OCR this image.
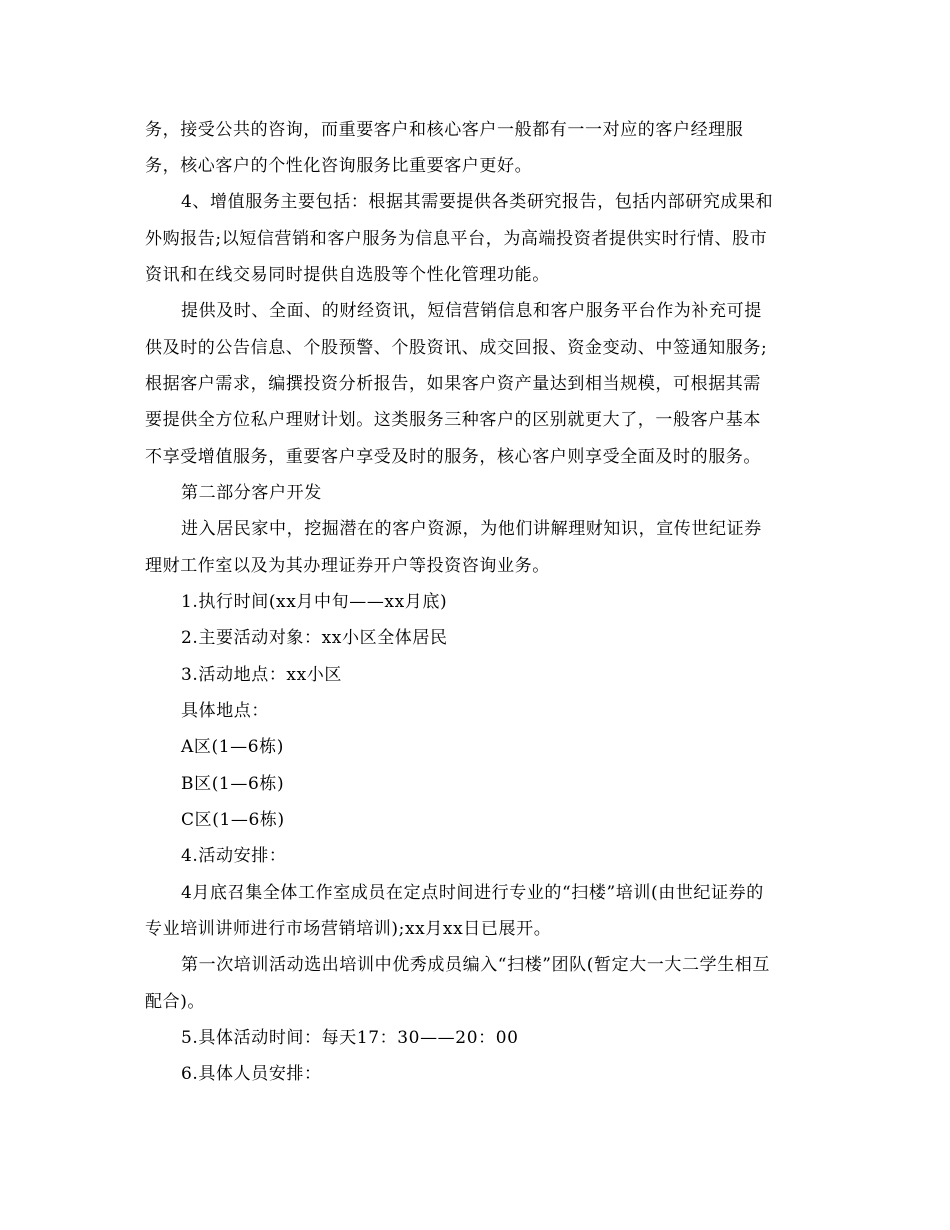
务，接受公共的咨询，而重要客户和核心客户一般都有一一对应的客户经理服
务，核心客户的个性化咨询服务比重要客户更好。
4、增值服务主要包括：根据其需要提供各类研究报告，包括内部研究成果和
外购报告;以短信营销和客户服务为信息平台，为高端投资者提供实时行情、股市
资讯和在线交易同时提供自选股等个性化管理功能。
提供及时、全面、的财经资讯，短信营销信息和客户服务平台作为补充可提
供及时的公告信息、个股预警、个股资讯、成交回报、资金变动、中签通知服务;
根据客户需求，编撰投资分析报告，如果客户资产量达到相当规模，可根据其需
要提供全方位私户理财计划。这类服务三种客户的区别就更大了，一般客户基本
不享受增值服务，重要客户享受及时的服务，核心客户则享受全面及时的服务。
第二部分客户开发
进入居民家中，挖掘潜在的客户资源，为他们讲解理财知识，宣传世纪证券
理财工作室以及为其办理证券开户等投资咨询业务。
1.执行时间(xx月中旬——xx月底)
2.主要活动对象：xx小区全体居民
3.活动地点：xx小区
具体地点：
A区(1—6栋)
B区(1—6栋)
C区(1—6栋)
4.活动安排：
4月底召集全体工作室成员在定点时间进行专业的“扫楼”培训(由世纪证券的
专业培训讲师进行市场营销培训);xx月xx日已展开。
第一次培训活动选出培训中优秀成员编入“扫楼”团队(暂定大一大二学生相互
配合)。
5.具体活动时间：每天17：30——20：00
6.具体人员安排：
